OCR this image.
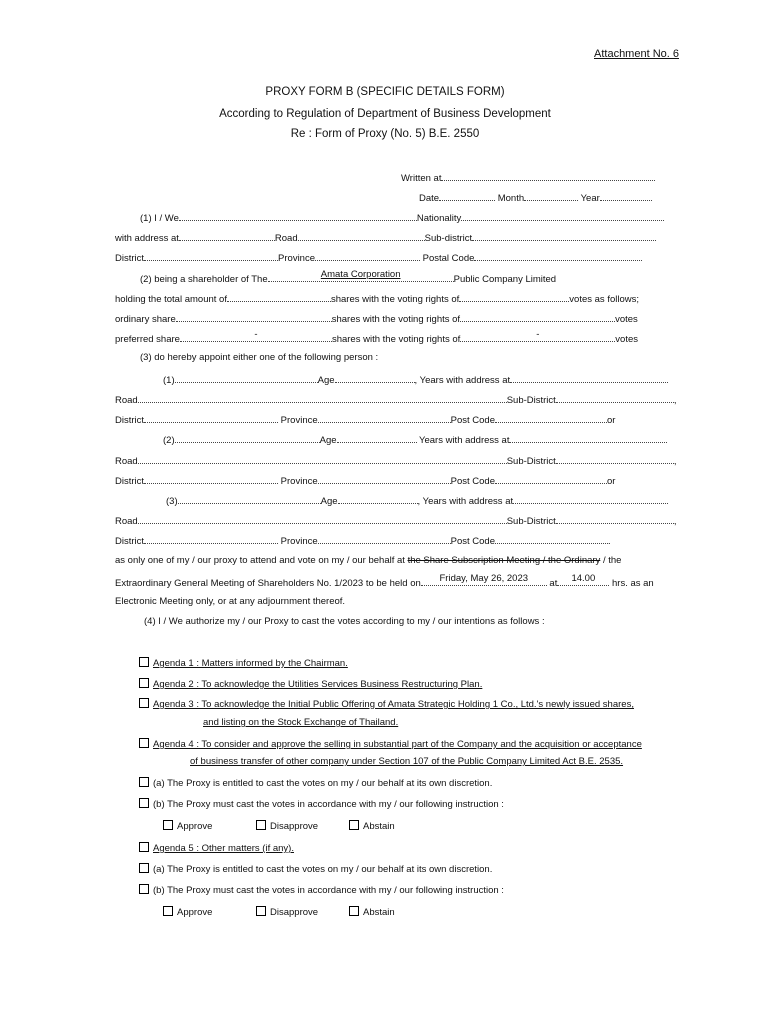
Attachment No. 6
PROXY FORM B (SPECIFIC DETAILS FORM)
According to Regulation of Department of Business Development
Re : Form of Proxy (No. 5) B.E. 2550
Written at
Date	Month	Year
(1) I / We	Nationality
with address at	Road	Sub-district
District	Province	Postal Code
(2) being a shareholder of The	Amata Corporation	Public Company Limited
holding the total amount of	shares with the voting rights of	votes as follows;
ordinary share	shares with the voting rights of	votes
preferred share	-	shares with the voting rights of	-	votes
(3) do hereby appoint either one of the following person :
(1)	Age	, Years with address at
Road	Sub-District	,
District	Province	Post Code	or
(2)	Age	Years with address at
Road	Sub-District	,
District	Province	Post Code	or
(3)	Age	, Years with address at
Road	Sub-District	,
District	Province	Post Code	.
as only one of my / our proxy to attend and vote on my / our behalf at the Share Subscription Meeting / the Ordinary / the
Extraordinary General Meeting of Shareholders No. 1/2023 to be held on	Friday, May 26, 2023	at	14.00	hrs. as an
Electronic Meeting only, or at any adjournment thereof.
(4) I / We authorize my / our Proxy to cast the votes according to my / our intentions as follows :
Agenda 1 : Matters informed by the Chairman.
Agenda 2 : To acknowledge the Utilities Services Business Restructuring Plan.
Agenda 3 : To acknowledge the Initial Public Offering of Amata Strategic Holding 1 Co., Ltd.'s newly issued shares,
and listing on the Stock Exchange of Thailand.
Agenda 4 : To consider and approve the selling in substantial part of the Company and the acquisition or acceptance
of business transfer of other company under Section 107 of the Public Company Limited Act B.E. 2535.
(a) The Proxy is entitled to cast the votes on my / our behalf at its own discretion.
(b) The Proxy must cast the votes in accordance with my / our following instruction :
Approve	Disapprove	Abstain
Agenda 5 : Other matters (if any).
(a) The Proxy is entitled to cast the votes on my / our behalf at its own discretion.
(b) The Proxy must cast the votes in accordance with my / our following instruction :
Approve	Disapprove	Abstain
